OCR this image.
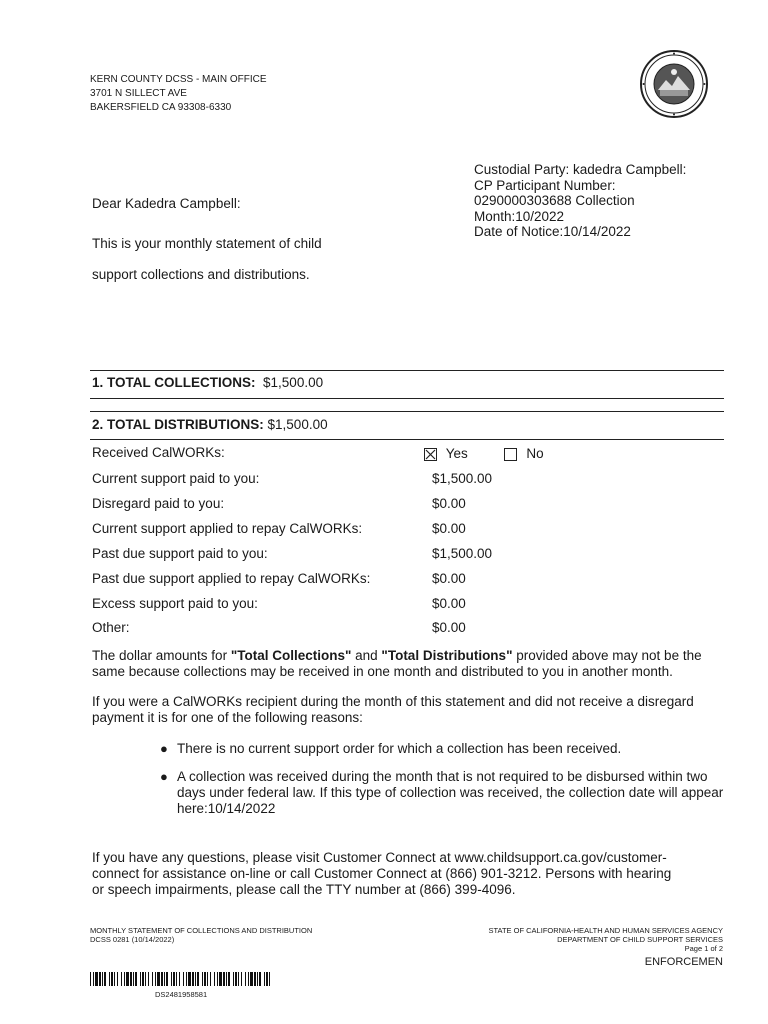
KERN COUNTY DCSS - MAIN OFFICE
3701 N SILLECT AVE
BAKERSFIELD CA 93308-6330
Custodial Party: kadedra Campbell:
CP Participant Number:
0290000303688 Collection
Month:10/2022
Date of Notice:10/14/2022
Dear Kadedra Campbell:
This is your monthly statement of child
support collections and distributions.
1. TOTAL COLLECTIONS: $1,500.00
2. TOTAL DISTRIBUTIONS: $1,500.00
Received CalWORKs:	Yes	No
Current support paid to you:	$1,500.00
Disregard paid to you:	$0.00
Current support applied to repay CalWORKs:	$0.00
Past due support paid to you:	$1,500.00
Past due support applied to repay CalWORKs:	$0.00
Excess support paid to you:	$0.00
Other:	$0.00
The dollar amounts for "Total Collections" and "Total Distributions" provided above may not be the same because collections may be received in one month and distributed to you in another month.
If you were a CalWORKs recipient during the month of this statement and did not receive a disregard payment it is for one of the following reasons:
● There is no current support order for which a collection has been received.
● A collection was received during the month that is not required to be disbursed within two days under federal law. If this type of collection was received, the collection date will appear here:10/14/2022
If you have any questions, please visit Customer Connect at www.childsupport.ca.gov/customer-connect for assistance on-line or call Customer Connect at (866) 901-3212. Persons with hearing or speech impairments, please call the TTY number at (866) 399-4096.
MONTHLY STATEMENT OF COLLECTIONS AND DISTRIBUTION
DCSS 0281 (10/14/2022)
STATE OF CALIFORNIA-HEALTH AND HUMAN SERVICES AGENCY
DEPARTMENT OF CHILD SUPPORT SERVICES
Page 1 of 2
ENFORCEMEN
DS2481958581
